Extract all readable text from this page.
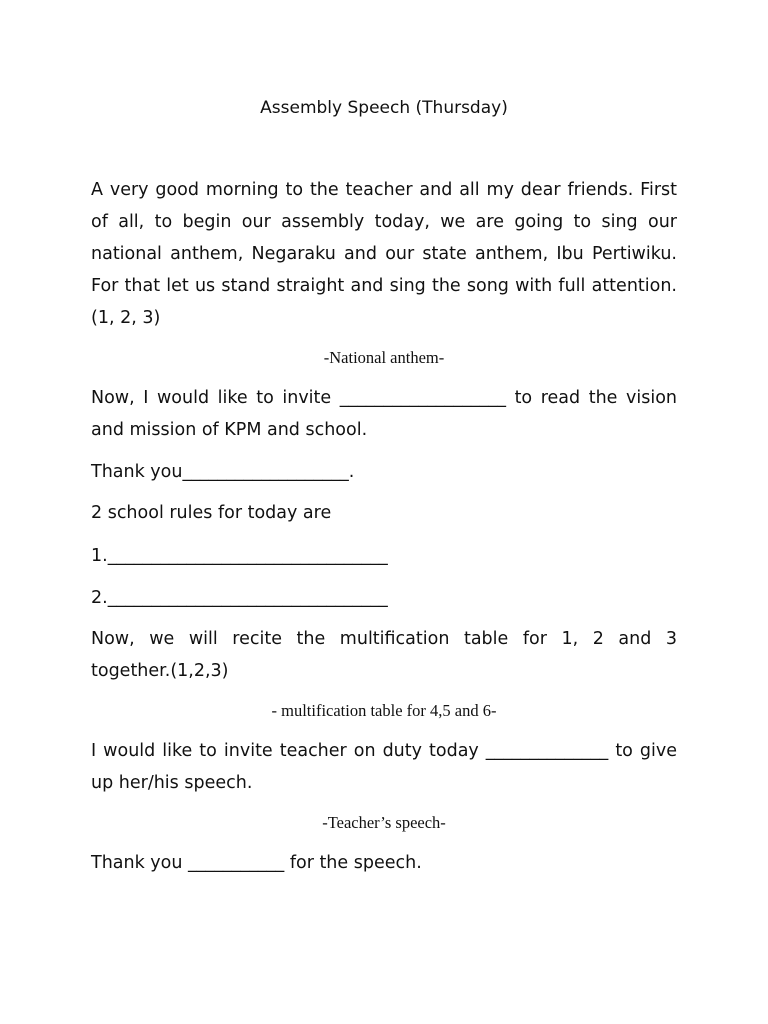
Assembly Speech (Thursday)
A very good morning to the teacher and all my dear friends. First
of all, to begin our assembly today, we are going to sing our
national anthem, Negaraku and our state anthem, Ibu Pertiwiku.
For that let us stand straight and sing the song with full attention.
(1, 2, 3)
-National anthem-
Now, I would like to invite ___________________ to read the vision
and mission of KPM and school.
Thank you___________________.
2 school rules for today are
1.________________________________
2.________________________________
Now, we will recite the multification table for 1, 2 and 3
together.(1,2,3)
- multification table for 4,5 and 6-
I would like to invite teacher on duty today ______________ to give
up her/his speech.
-Teacher’s speech-
Thank you ___________ for the speech.
